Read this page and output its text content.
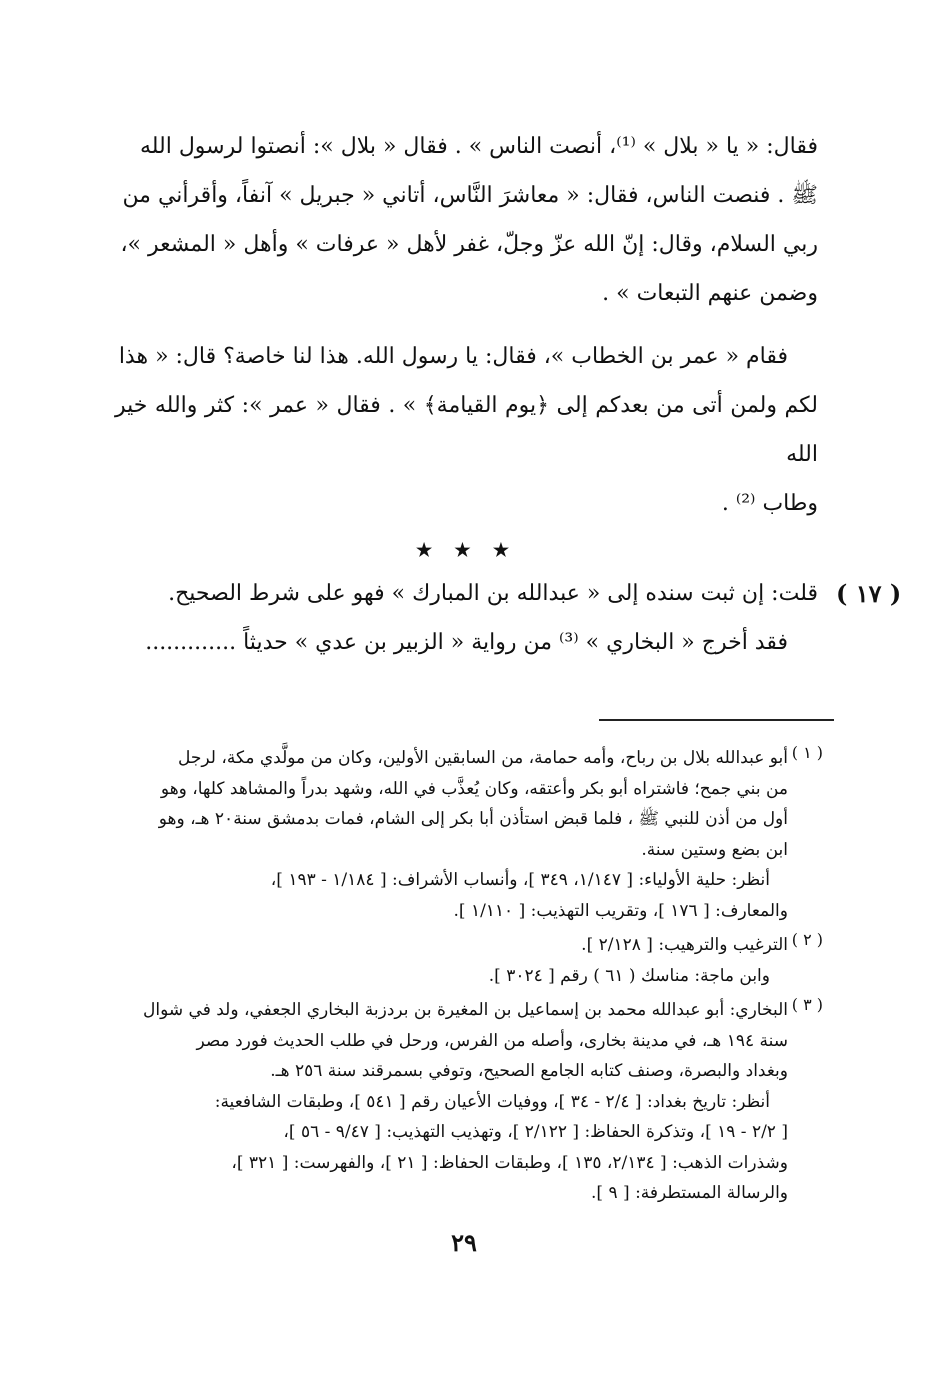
فقال: « يا « بلال » ⁽¹⁾، أنصت الناس » . فقال « بلال »: أنصتوا لرسول الله

ﷺ . فنصت الناس، فقال: « معاشرَ النَّاس، أتاني « جبريل » آنفاً، وأقرأني من

ربي السلام، وقال: إنّ الله عزّ وجلّ، غفر لأهل « عرفات » وأهل « المشعر »،

وضمن عنهم التبعات » .

فقام « عمر بن الخطاب »، فقال: يا رسول الله. هذا لنا خاصة؟ قال: « هذا

لكم ولمن أتى من بعدكم إلى ﴿يوم القيامة﴾ » . فقال « عمر »: كثر والله خير الله

وطاب ⁽²⁾ .

★ ★ ★
( ١٧ )

قلت: إن ثبت سنده إلى « عبدالله بن المبارك » فهو على شرط الصحيح.

فقد أخرج « البخاري » ⁽³⁾ من رواية « الزبير بن عدي » حديثاً .............

( ١ )

أبو عبدالله بلال بن رباح، وأمه حمامة، من السابقين الأولين، وكان من مولَّدي مكة، لرجل

من بني جمح؛ فاشتراه أبو بكر وأعتقه، وكان يُعذَّب في الله، وشهد بدراً والمشاهد كلها، وهو

أول من أذن للنبي ﷺ ، فلما قبض استأذن أبا بكر إلى الشام، فمات بدمشق سنة٢٠ هـ، وهو

ابن بضع وستين سنة.

أنظر: حلية الأولياء: [ ١/١٤٧، ٣٤٩ ]، وأنساب الأشراف: [ ١/١٨٤ - ١٩٣ ]،

والمعارف: [ ١٧٦ ]، وتقريب التهذيب: [ ١/١١٠ ].

( ٢ )

الترغيب والترهيب: [ ٢/١٢٨ ].

وابن ماجة: مناسك ( ٦١ ) رقم [ ٣٠٢٤ ].

( ٣ )

البخاري: أبو عبدالله محمد بن إسماعيل بن المغيرة بن بردزبة البخاري الجعفي، ولد في شوال

سنة ١٩٤ هـ، في مدينة بخارى، وأصله من الفرس، ورحل في طلب الحديث فورد مصر

وبغداد والبصرة، وصنف كتابه الجامع الصحيح، وتوفي بسمرقند سنة ٢٥٦ هـ.

أنظر: تاريخ بغداد: [ ٢/٤ - ٣٤ ]، ووفيات الأعيان رقم [ ٥٤١ ]، وطبقات الشافعية:

[ ٢/٢ - ١٩ ]، وتذكرة الحفاظ: [ ٢/١٢٢ ]، وتهذيب التهذيب: [ ٩/٤٧ - ٥٦ ]،

وشذرات الذهب: [ ٢/١٣٤، ١٣٥ ]، وطبقات الحفاظ: [ ٢١ ]، والفهرست: [ ٣٢١ ]،

والرسالة المستطرفة: [ ٩ ].

٢٩
